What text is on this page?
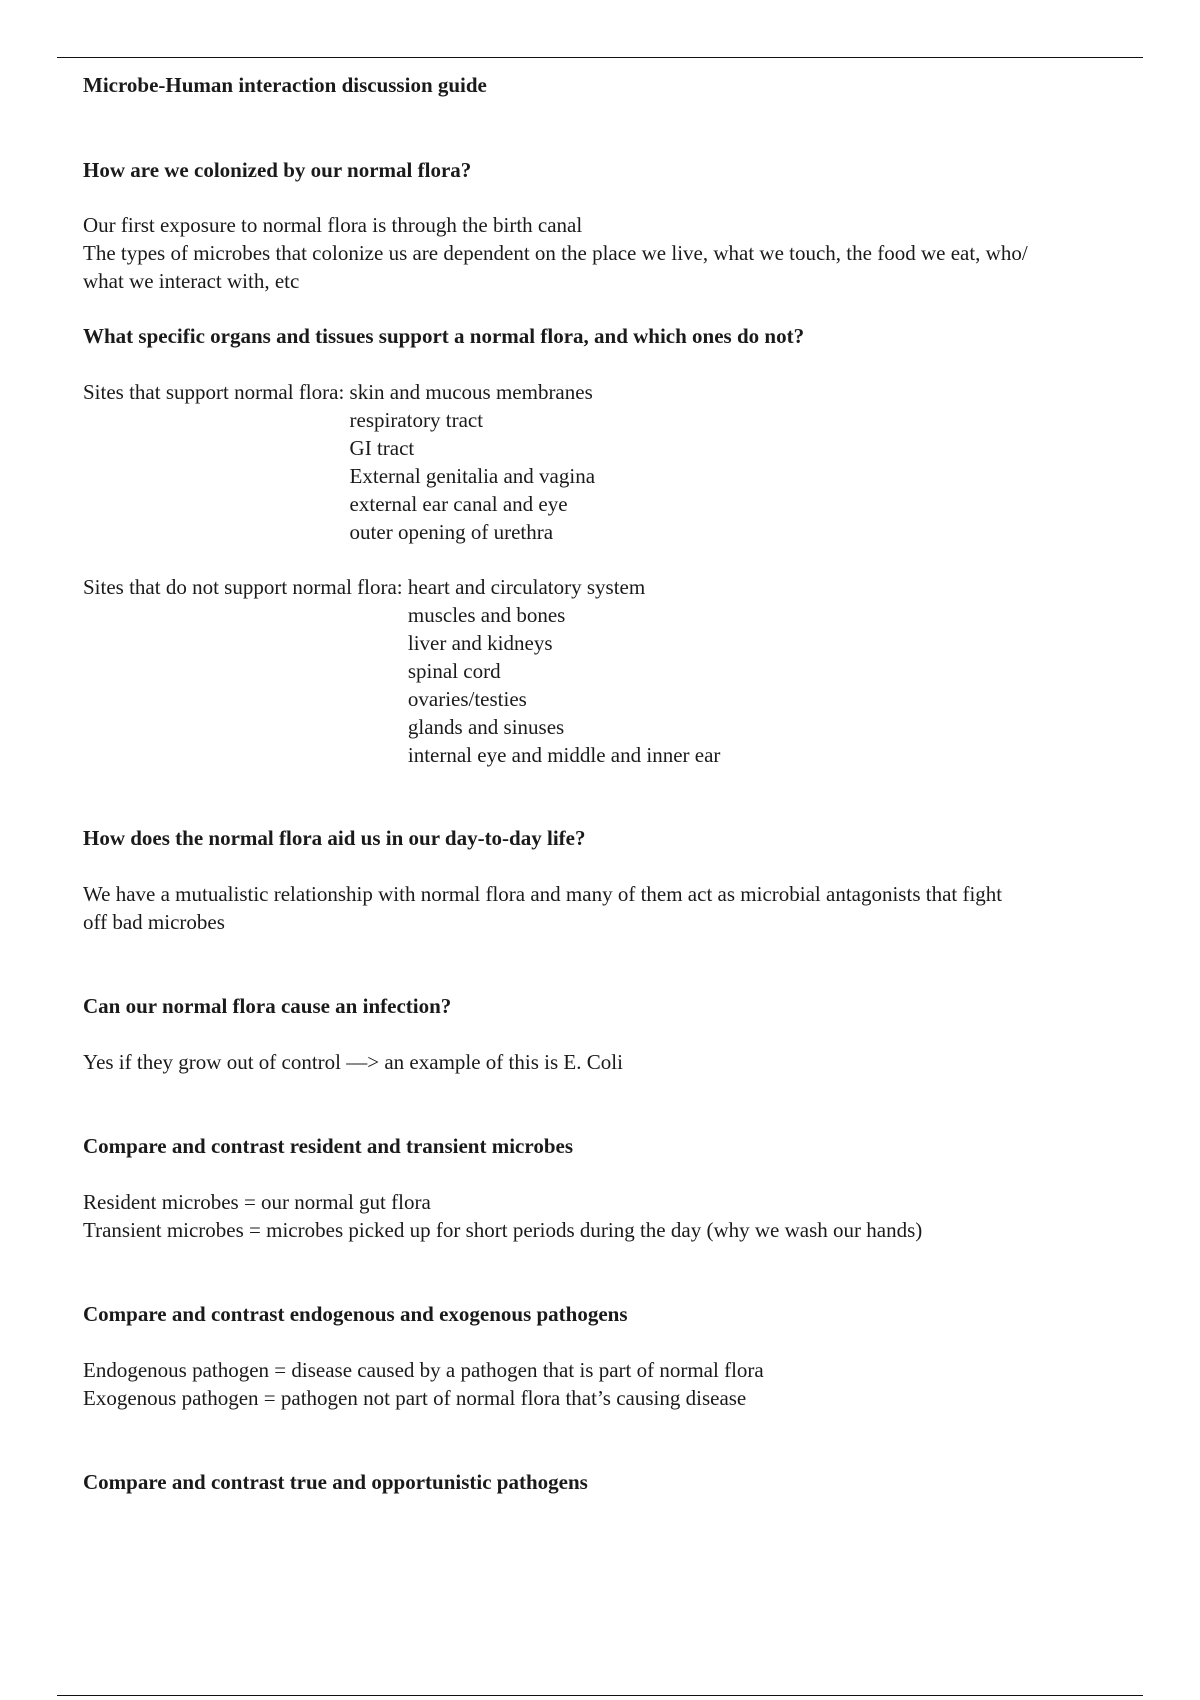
Microbe-Human interaction discussion guide
How are we colonized by our normal flora?

Our first exposure to normal flora is through the birth canal

The types of microbes that colonize us are dependent on the place we live, what we touch, the food we eat, who/

what we interact with, etc

What specific organs and tissues support a normal flora, and which ones do not?
Sites that support normal flora: skin and mucous membranes
respiratory tract
GI tract
External genitalia and vagina
external ear canal and eye
outer opening of urethra
Sites that do not support normal flora: heart and circulatory system
muscles and bones
liver and kidneys
spinal cord
ovaries/testies
glands and sinuses
internal eye and middle and inner ear
How does the normal flora aid us in our day-to-day life?

We have a mutualistic relationship with normal flora and many of them act as microbial antagonists that fight

off bad microbes

Can our normal flora cause an infection?

Yes if they grow out of control —> an example of this is E. Coli

Compare and contrast resident and transient microbes

Resident microbes = our normal gut flora

Transient microbes = microbes picked up for short periods during the day (why we wash our hands)

Compare and contrast endogenous and exogenous pathogens

Endogenous pathogen = disease caused by a pathogen that is part of normal flora

Exogenous pathogen = pathogen not part of normal flora that’s causing disease

Compare and contrast true and opportunistic pathogens
